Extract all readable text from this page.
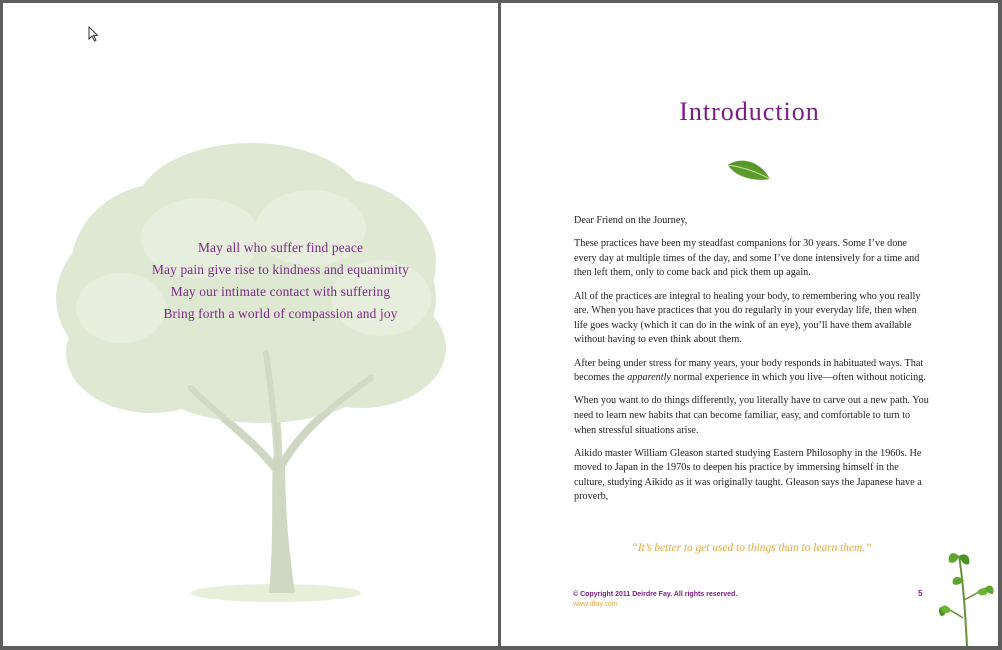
May all who suffer find peace
May pain give rise to kindness and equanimity
May our intimate contact with suffering
Bring forth a world of compassion and joy
Introduction

Dear Friend on the Journey,

These practices have been my steadfast companions for 30 years. Some I’ve done every day at multiple times of the day, and some I’ve done intensively for a time and then left them, only to come back and pick them up again.

All of the practices are integral to healing your body, to remembering who you really are. When you have practices that you do regularly in your everyday life, then when life goes wacky (which it can do in the wink of an eye), you’ll have them available without having to even think about them.

After being under stress for many years, your body responds in habituated ways. That becomes the apparently normal experience in which you live—often without noticing.

When you want to do things differently, you literally have to carve out a new path. You need to learn new habits that can become familiar, easy, and comfortable to turn to when stressful situations arise.

Aikido master William Gleason started studying Eastern Philosophy in the 1960s. He moved to Japan in the 1970s to deepen his practice by immersing himself in the culture, studying Aikido as it was originally taught. Gleason says the Japanese have a proverb,

“It’s better to get used to things than to learn them.”

© Copyright 2011 Deirdre Fay. All rights reserved.
www.dfay.com
5
